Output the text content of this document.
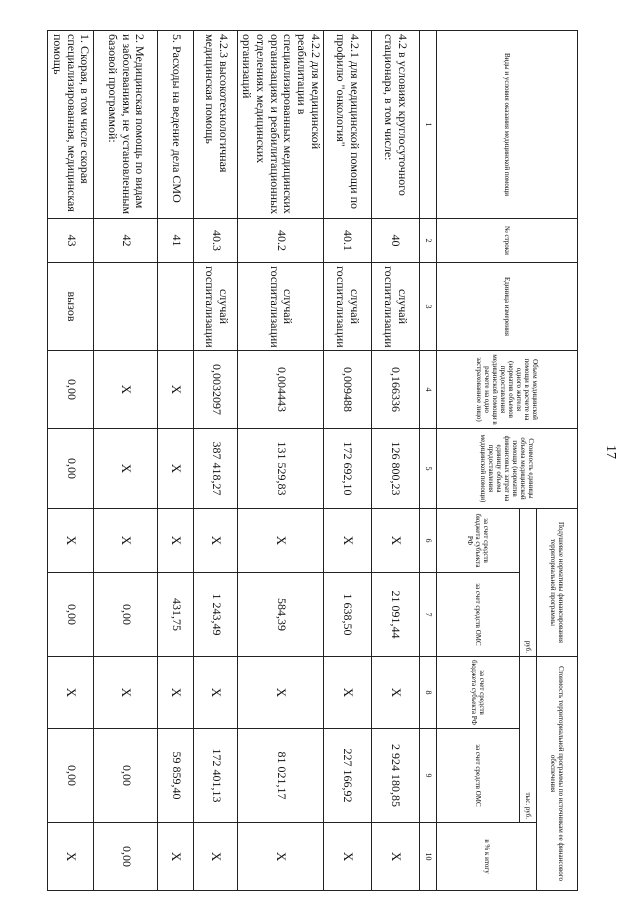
17
Виды и условия оказания медицинской помощи	№ строки	Единица измерения	Объем медицинской помощи в расчете на одного жителя (норматив объемов предоставления медицинской помощи в расчете на одно застрахованное лицо)	Стоимость единицы объема медицинской помощи (норматив финансовых затрат на единицу объема предоставления медицинской помощи)	Подушевые нормативы финансирования территориальной программы		Стоимость территориальной программы по источникам ее финансового обеспечения		
					руб.		тыс. руб.		в % к итогу
					за счет средств бюджета субъекта РФ	за счет средств ОМС	за счет средств бюджета субъекта РФ	за счет средств ОМС	
1	2	3	4	5	6	7	8	9	10
4.2 в условиях круглосуточного стационара, в том числе:	40	случай госпитализации	0,166336	126 800,23	X	21 091,44	X	2 924 180,85	X
4.2.1 для медицинской помощи по профилю "онкология"	40.1	случай госпитализации	0,009488	172 692,10	X	1 638,50	X	227 166,92	X
4.2.2 для медицинской реабилитации в специализированных медицинских организациях и реабилитационных отделениях медицинских организаций	40.2	случай госпитализации	0,004443	131 529,83	X	584,39	X	81 021,17	X
4.2.3 высокотехнологичная медицинская помощь	40.3	случай госпитализации	0,0032097	387 418,27	X	1 243,49	X	172 401,13	X
5. Расходы на ведение дела СМО	41		X	X	X	431,75	X	59 859,40	X
2. Медицинская помощь по видам и заболеваниям, не установленным базовой программой:	42		X	X	X	0,00	X	0,00	0,00
1. Скорая, в том числе скорая специализированная, медицинская помощь	43	вызов	0,00	0,00	X	0,00	X	0,00	X
